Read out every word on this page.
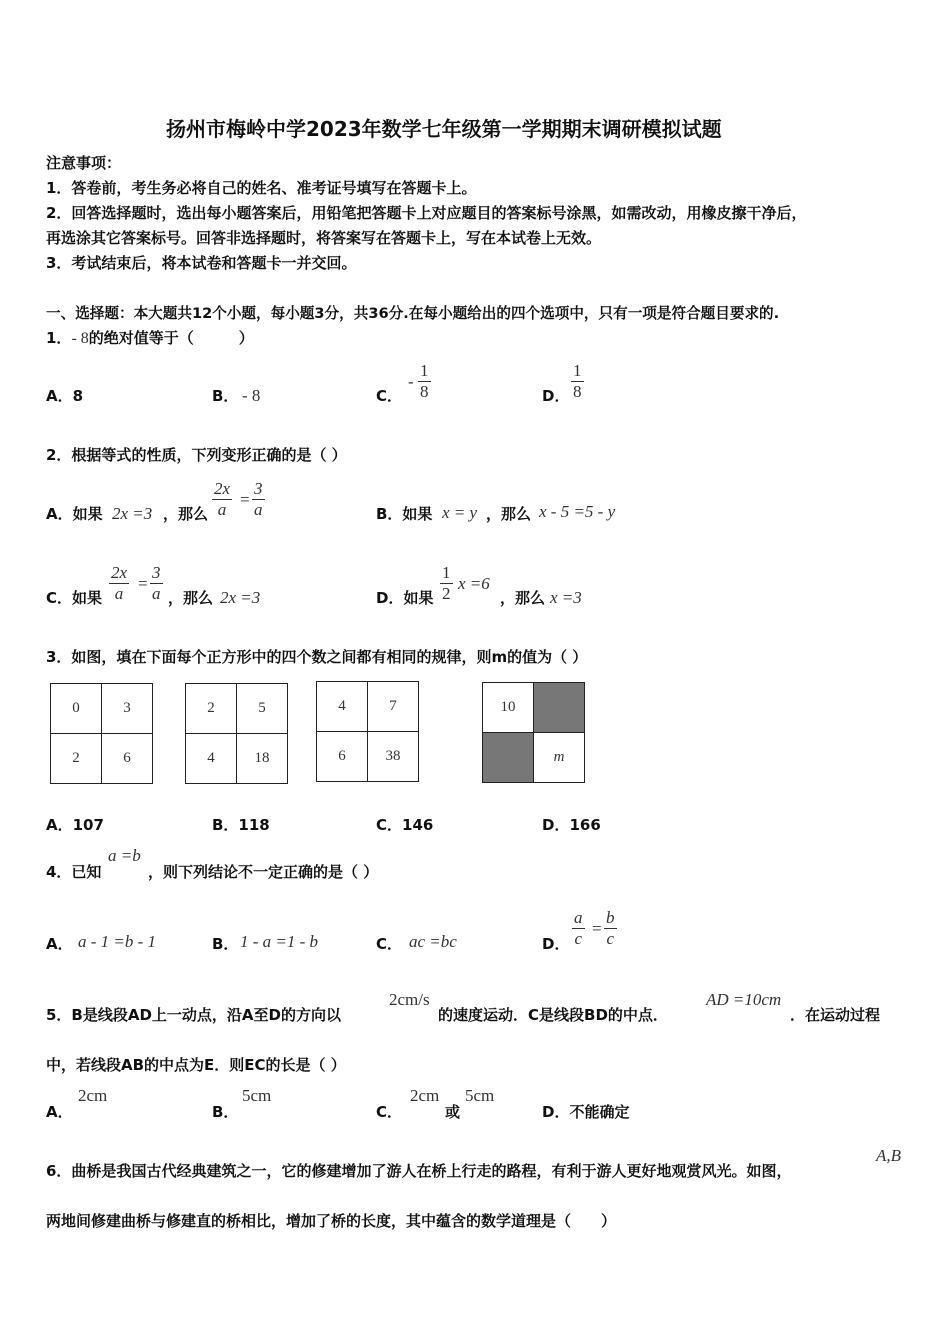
扬州市梅岭中学2023年数学七年级第一学期期末调研模拟试题
注意事项：
1．答卷前，考生务必将自己的姓名、准考证号填写在答题卡上。
2．回答选择题时，选出每小题答案后，用铅笔把答题卡上对应题目的答案标号涂黑，如需改动，用橡皮擦干净后，
再选涂其它答案标号。回答非选择题时，将答案写在答题卡上，写在本试卷上无效。
3．考试结束后，将本试卷和答题卡一并交回。
一、选择题：本大题共12个小题，每小题3分，共36分.在每小题给出的四个选项中，只有一项是符合题目要求的.
1．- 8的绝对值等于（　　　）
A．8	B． - 8	C．
- $\frac{1}{8}$	D． $\frac{1}{8}$
2．根据等式的性质，下列变形正确的是（ ）
A．如果 2x =3 ，那么 $\frac{2x}{a} = \frac{3}{a}$	B．如果 x = y ，那么 x - 5 =5 - y
C．如果 $\frac{2x}{a} = \frac{3}{a}$ ，那么 2x =3	D．如果 $\frac{1}{2}$ x =6
，那么 x =3
3．如图，填在下面每个正方形中的四个数之间都有相同的规律，则m的值为（ ）
0	3
2	6
2	5
4	18
4	7
6	38
10	
	m
A．107	B．118	C．146	D．166
4．已知
a =b
，则下列结论不一定正确的是（ ）
A． a - 1 =b - 1	B． 1 - a =1 - b	C． ac =bc	D． $\frac{a}{c} = \frac{b}{c}$
5．B是线段AD上一动点，沿A至D的方向以
2cm/s
的速度运动．C是线段BD的中点．
AD =10cm
．在运动过程
中，若线段AB的中点为E．则EC的长是（ ）
A．
2cm
B．
5cm
C．
2cm
或
5cm
D．不能确定
6．曲桥是我国古代经典建筑之一，它的修建增加了游人在桥上行走的路程，有利于游人更好地观赏风光。如图，
A,B
两地间修建曲桥与修建直的桥相比，增加了桥的长度，其中蕴含的数学道理是（　　）
